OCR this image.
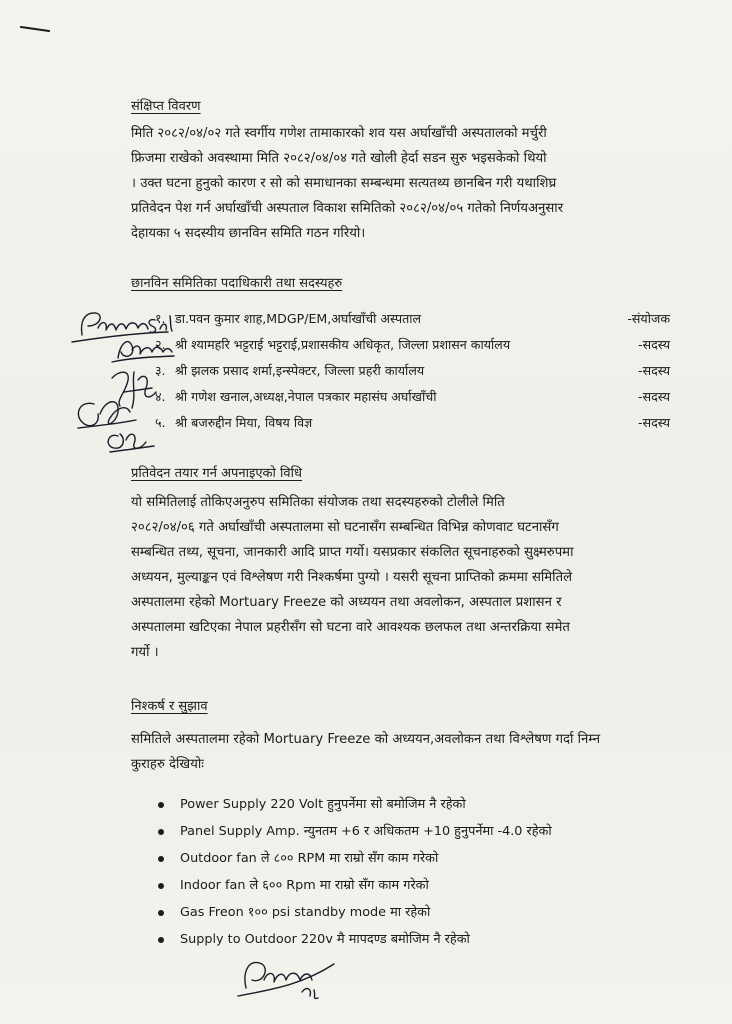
संक्षिप्त विवरण
मिति २०८२/०४/०२ गते स्वर्गीय गणेश तामाकारको शव यस अर्घाखाँची अस्पतालको मर्चुरी
फ्रिजमा राखेको अवस्थामा मिति २०८२/०४/०४ गते खोली हेर्दा सडन सुरु भइसकेको थियो
। उक्त घटना हुनुको कारण र सो को समाधानका सम्बन्धमा सत्यतथ्य छानबिन गरी यथाशिघ्र
प्रतिवेदन पेश गर्न अर्घाखाँची अस्पताल विकाश समितिको २०८२/०४/०५ गतेको निर्णयअनुसार
देहायका ५ सदस्यीय छानविन समिति गठन गरियो।
छानविन समितिका पदाधिकारी तथा सदस्यहरु
१. डा.पवन कुमार शाह,MDGP/EM,अर्घाखाँची अस्पताल	-संयोजक
२. श्री श्यामहरि भट्टराई भट्टराई,प्रशासकीय अधिकृत, जिल्ला प्रशासन कार्यालय	-सदस्य
३. श्री झलक प्रसाद शर्मा,इन्स्पेक्टर, जिल्ला प्रहरी कार्यालय	-सदस्य
४. श्री गणेश खनाल,अध्यक्ष,नेपाल पत्रकार महासंघ अर्घाखाँची	-सदस्य
५. श्री बजरुद्दीन मिया, विषय विज्ञ	-सदस्य
प्रतिवेदन तयार गर्न अपनाइएको विधि
यो समितिलाई तोकिएअनुरुप समितिका संयोजक तथा सदस्यहरुको टोलीले मिति
२०८२/०४/०६ गते अर्घाखाँची अस्पतालमा सो घटनासँग सम्बन्धित विभिन्न कोणवाट घटनासँग
सम्बन्धित तथ्य, सूचना, जानकारी आदि प्राप्त गर्यो। यसप्रकार संकलित सूचनाहरुको सुक्ष्मरुपमा
अध्ययन, मुल्याङ्कन एवं विश्लेषण गरी निश्कर्षमा पुग्यो । यसरी सूचना प्राप्तिको क्रममा समितिले
अस्पतालमा रहेको Mortuary Freeze को अध्ययन तथा अवलोकन, अस्पताल प्रशासन र
अस्पतालमा खटिएका नेपाल प्रहरीसँग सो घटना वारे आवश्यक छलफल तथा अन्तरक्रिया समेत
गर्यो ।
निश्कर्ष र सुझाव
समितिले अस्पतालमा रहेको Mortuary Freeze को अध्ययन,अवलोकन तथा विश्लेषण गर्दा निम्न
कुराहरु देखियोः
Power Supply 220 Volt हुनुपर्नेमा सो बमोजिम नै रहेको
Panel Supply Amp. न्युनतम +6 र अधिकतम +10 हुनुपर्नेमा -4.0 रहेको
Outdoor fan ले ८०० RPM मा राम्रो सँग काम गरेको
Indoor fan ले ६०० Rpm मा राम्रो सँग काम गरेको
Gas Freon १०० psi standby mode मा रहेको
Supply to Outdoor 220v मै मापदण्ड बमोजिम नै रहेको
